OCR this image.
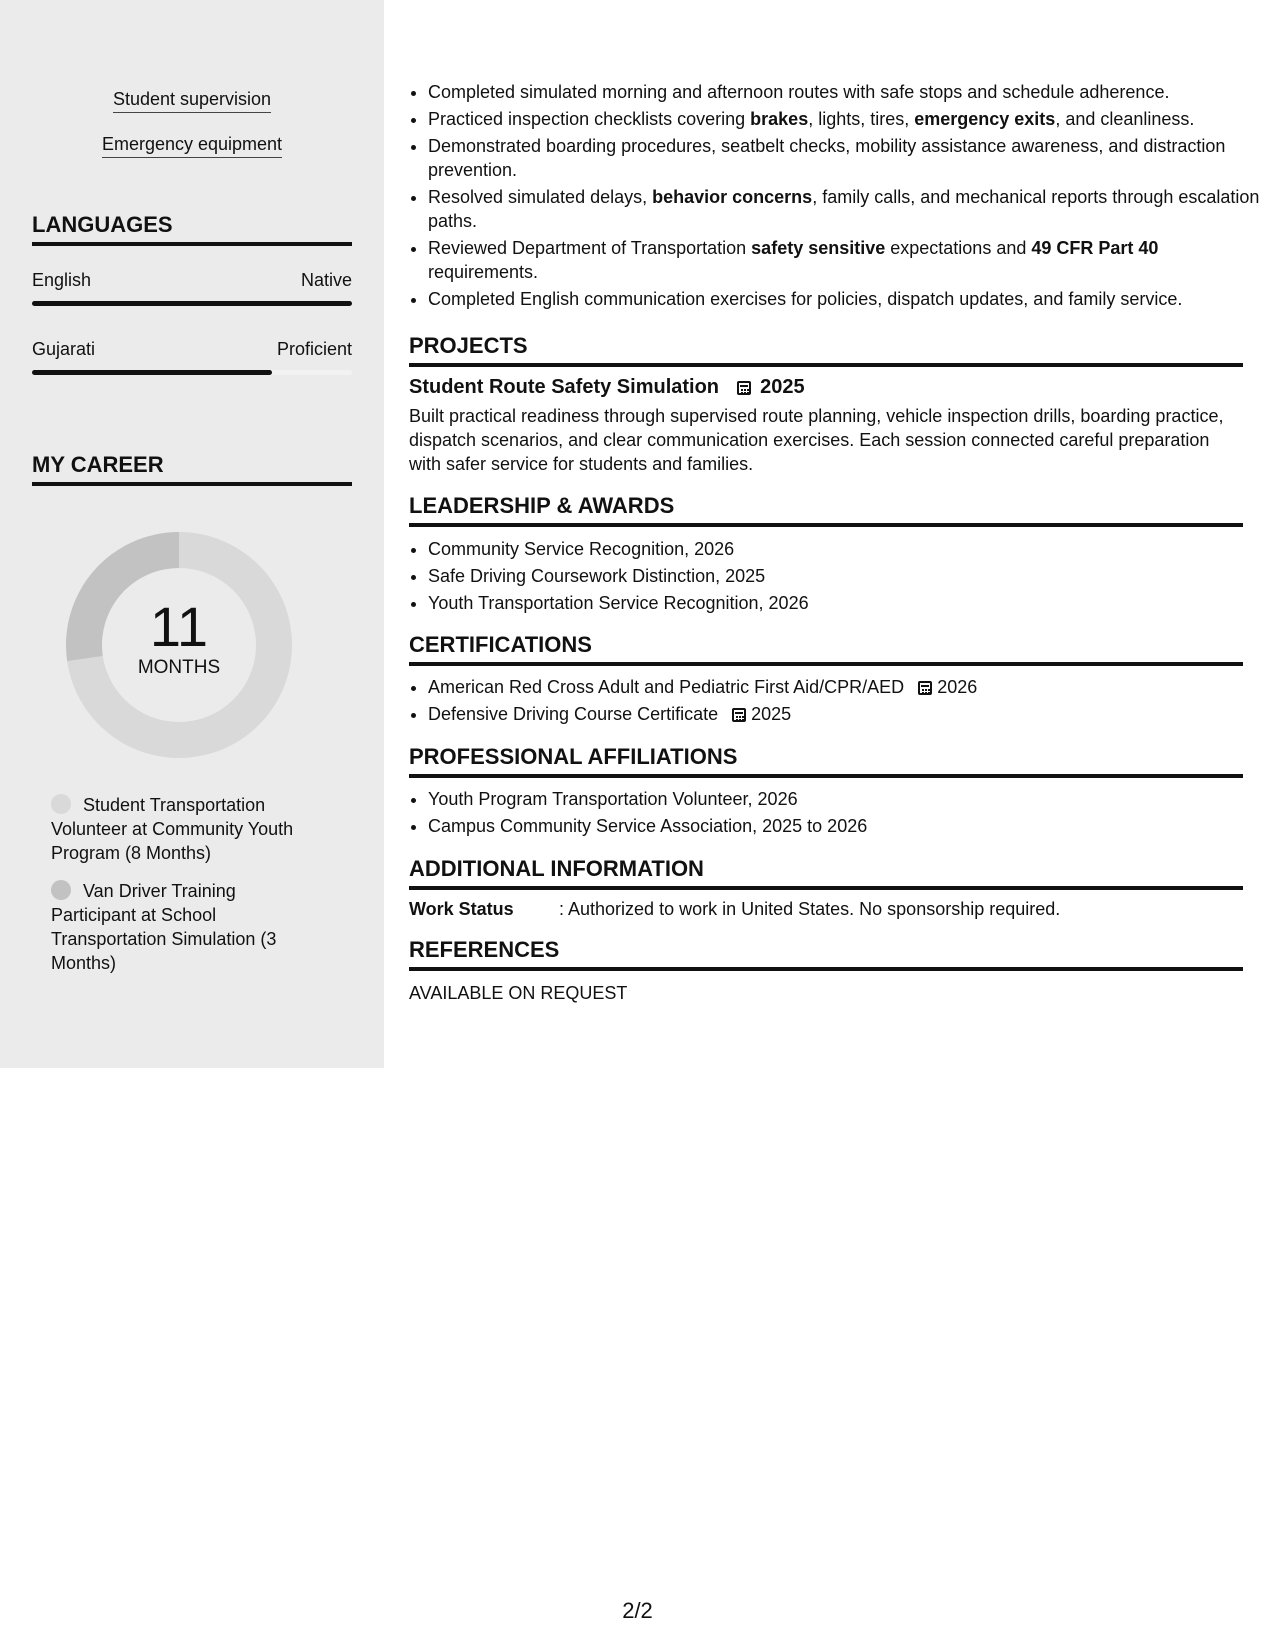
Student supervision
Emergency equipment
LANGUAGES
English	Native
Gujarati	Proficient
MY CAREER
11
MONTHS
Student Transportation Volunteer at Community Youth Program (8 Months)
Van Driver Training Participant at School Transportation Simulation (3 Months)
• Completed simulated morning and afternoon routes with safe stops and schedule adherence.
• Practiced inspection checklists covering brakes, lights, tires, emergency exits, and cleanliness.
• Demonstrated boarding procedures, seatbelt checks, mobility assistance awareness, and distraction prevention.
• Resolved simulated delays, behavior concerns, family calls, and mechanical reports through escalation paths.
• Reviewed Department of Transportation safety sensitive expectations and 49 CFR Part 40 requirements.
• Completed English communication exercises for policies, dispatch updates, and family service.
PROJECTS
Student Route Safety Simulation 2025
Built practical readiness through supervised route planning, vehicle inspection drills, boarding practice, dispatch scenarios, and clear communication exercises. Each session connected careful preparation with safer service for students and families.
LEADERSHIP & AWARDS
• Community Service Recognition, 2026
• Safe Driving Coursework Distinction, 2025
• Youth Transportation Service Recognition, 2026
CERTIFICATIONS
• American Red Cross Adult and Pediatric First Aid/CPR/AED 2026
• Defensive Driving Course Certificate 2025
PROFESSIONAL AFFILIATIONS
• Youth Program Transportation Volunteer, 2026
• Campus Community Service Association, 2025 to 2026
ADDITIONAL INFORMATION
Work Status	: Authorized to work in United States. No sponsorship required.
REFERENCES
AVAILABLE ON REQUEST
2/2
